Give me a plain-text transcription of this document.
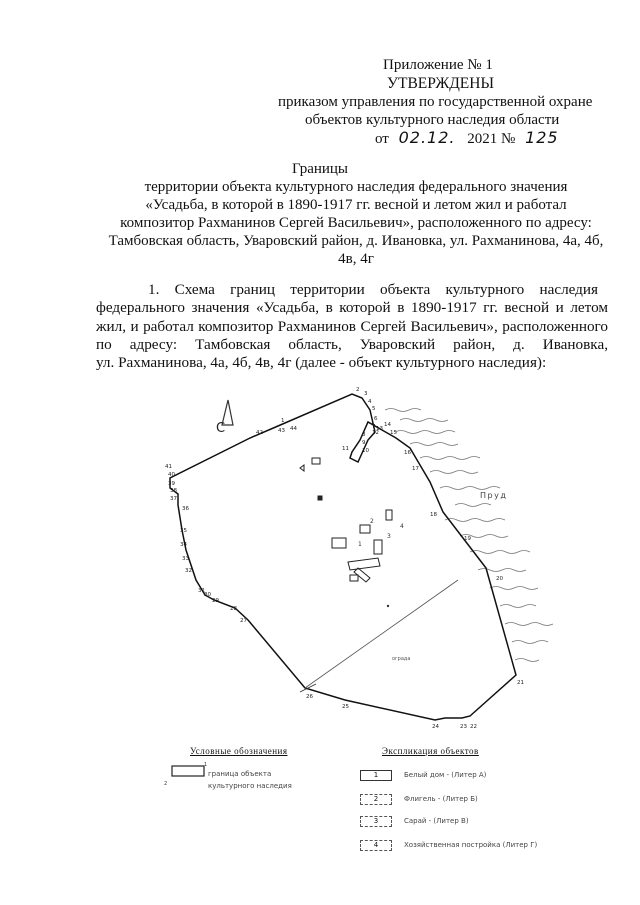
Приложение № 1
УТВЕРЖДЕНЫ
приказом управления по государственной охране
объектов культурного наследия области
от 02.12. 2021 № 125
Границы
территории объекта культурного наследия федерального значения
«Усадьба, в которой в 1890-1917 гг. весной и летом жил и работал
композитор Рахманинов Сергей Васильевич», расположенного по адресу:
Тамбовская область, Уваровский район, д. Ивановка, ул. Рахманинова, 4а, 4б,
4в, 4г
1.    Схема    границ    территории    объекта    культурного    наследия
федерального значения «Усадьба, в которой в 1890-1917 гг. весной и летом
жил, и работал композитор Рахманинов Сергей Васильевич», расположенного
по    адресу:    Тамбовская    область,    Уваровский    район,    д.    Ивановка,
ул. Рахманинова, 4а, 4б, 4в, 4г (далее - объект культурного наследия):
С
Пруд
1
2
3
4
ограда
1
2
3
4
5
6
7
8
9
10
11
12
13
14
15
16
17
18
19
20
21
22
23
24
25
26
27
28
29
30
31
32
33
34
35
36
37
38
39
40
41
42	43 44
Условные обозначения
1
2
граница объекта культурного наследия
Экспликация объектов
1	Белый дом - (Литер А)
2	Флигель - (Литер Б)
3	Сарай - (Литер В)
4	Хозяйственная постройка (Литер Г)
